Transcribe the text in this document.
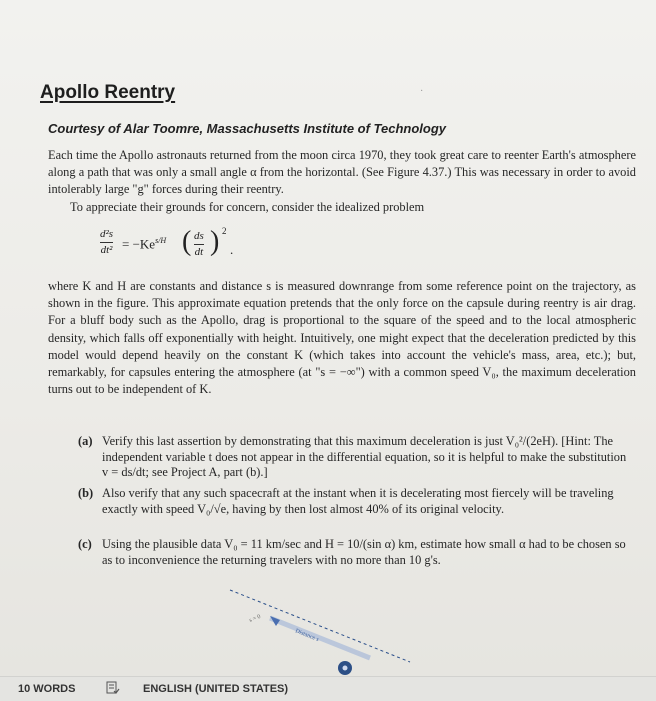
·
Apollo Reentry
Courtesy of Alar Toomre, Massachusetts Institute of Technology
Each time the Apollo astronauts returned from the moon circa 1970, they took great care to reenter Earth's atmosphere along a path that was only a small angle α from the horizontal. (See Figure 4.37.) This was necessary in order to avoid intolerably large "g" forces during their reentry.
To appreciate their grounds for concern, consider the idealized problem
d²s
$dt^2 = -Ke^{s/H}$ ( ds
dt ) 2
.
where K and H are constants and distance s is measured downrange from some reference point on the trajectory, as shown in the figure. This approximate equation pretends that the only force on the capsule during reentry is air drag. For a bluff body such as the Apollo, drag is proportional to the square of the speed and to the local atmospheric density, which falls off exponentially with height. Intuitively, one might expect that the deceleration predicted by this model would depend heavily on the constant K (which takes into account the vehicle's mass, area, etc.); but, remarkably, for capsules entering the atmosphere (at "s = −∞") with a common speed V₀, the maximum deceleration turns out to be independent of K.
(a) Verify this last assertion by demonstrating that this maximum deceleration is just V₀²/(2eH). [Hint: The independent variable t does not appear in the differential equation, so it is helpful to make the substitution v = ds/dt; see Project A, part (b).]
(b) Also verify that any such spacecraft at the instant when it is decelerating most fiercely will be traveling exactly with speed V₀/√e, having by then lost almost 40% of its original velocity.
(c) Using the plausible data V₀ = 11 km/sec and H = 10/(sin α) km, estimate how small α had to be chosen so as to inconvenience the returning travelers with no more than 10 g's.
s = 0
Distance s
10 WORDS	ENGLISH (UNITED STATES)
